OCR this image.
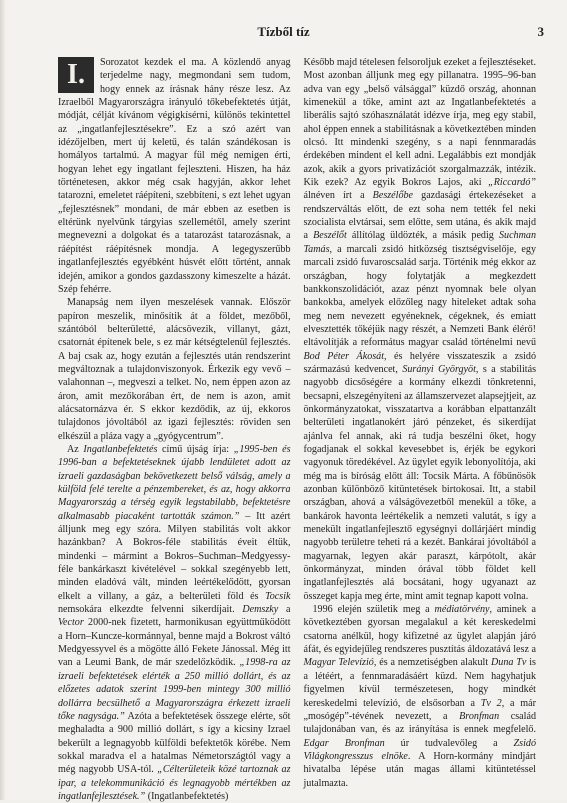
Tízből tíz	3

I.	Sorozatot kezdek el ma. A közlendő anyag terjedelme nagy, megmondani sem tudom, hogy ennek az írásnak hány része lesz. Az Izraelből Magyarországra irányuló tőkebefektetés útját, módját, célját kívánom végigkísérni, különös tekintettel az „ingatlanfejlesztésekre”. Ez a szó azért van idézőjelben, mert új keletű, és talán szándékosan is homályos tartalmú. A magyar fül még nemigen érti, hogyan lehet egy ingatlant fejleszteni. Hiszen, ha ház történetesen, akkor még csak hagyján, akkor lehet tatarozni, emeletet ráépíteni, szebbíteni, s ezt lehet ugyan „fejlesztésnek” mondani, de már ebben az esetben is eltérünk nyelvünk tárgyias szellemétől, amely szerint megnevezni a dolgokat és a tatarozást tatarozásnak, a ráépítést ráépítésnek mondja. A legegyszerűbb ingatlanfejlesztés egyébként húsvét előtt történt, annak idején, amikor a gondos gazdasszony kimeszelte a házát. Szép fehérre.

Manapság nem ilyen meszelések vannak. Először papíron meszelik, minősítik át a földet, mezőből, szántóból belterületté, alácsövezik, villanyt, gázt, csatornát építenek bele, s ez már kétségtelenül fejlesztés. A baj csak az, hogy ezután a fejlesztés után rendszerint megváltoznak a tulajdonviszonyok. Érkezik egy vevő – valahonnan –, megveszi a telket. No, nem éppen azon az áron, amit mezőkorában ért, de nem is azon, amit alácsatornázva ér. S ekkor kezdődik, az új, ekkoros tulajdonos jóvoltából az igazi fejlesztés: röviden sen elkészül a pláza vagy a „gyógycentrum”.

Az Ingatlanbefektetés című újság írja: „1995-ben és 1996-ban a befektetéseknek újabb lendületet adott az izraeli gazdaságban bekövetkezett belső válság, amely a külföld felé terelte a pénzembereket, és az, hogy akkorra Magyarország a térség egyik legstabilabb, befektetésre alkalmasabb piacaként tartották számon.” – Itt azért álljunk meg egy szóra. Milyen stabilitás volt akkor hazánkban? A Bokros-féle stabilitás éveit éltük, mindenki – mármint a Bokros–Suchman–Medgyessy-féle bankárkaszt kivételével – sokkal szegényebb lett, minden eladóvá vált, minden leértékelődött, gyorsan elkelt a villany, a gáz, a belterületi föld és Tocsik nemsokára elkezdte felvenni sikerdíjait. Demszky a Vector 2000-nek fizetett, harmonikusan együttműködött a Horn–Kuncze-kormánnyal, benne majd a Bokrost váltó Medgyessyvel és a mögötte álló Fekete Jánossal. Még itt van a Leumi Bank, de már szedelőzködik. „1998-ra az izraeli befektetések elérték a 250 millió dollárt, és az előzetes adatok szerint 1999-ben mintegy 300 millió dollárra becsülhető a Magyarországra érkezett izraeli tőke nagysága.” Azóta a befektetések összege elérte, sőt meghaladta a 900 millió dollárt, s így a kicsiny Izrael bekerült a legnagyobb külföldi befektetők körébe. Nem sokkal maradva el a hatalmas Németországtól vagy a még nagyobb USA-tól. „Célterületeik közé tartoznak az ipar, a telekommunikáció és legnagyobb mértékben az ingatlanfejlesztések.” (Ingatlanbefektetés)

Később majd tételesen felsoroljuk ezeket a fejlesztéseket. Most azonban álljunk meg egy pillanatra. 1995–96-ban adva van egy „belső válsággal” küzdő ország, ahonnan kimenekül a tőke, amint azt az Ingatlanbefektetés a liberális sajtó szóhasználatát idézve írja, meg egy stabil, ahol éppen ennek a stabilitásnak a következtében minden olcsó. Itt mindenki szegény, s a napi fennmaradás érdekében mindent el kell adni. Legalábbis ezt mondják azok, akik a gyors privatizációt szorgalmazzák, intézik. Kik ezek? Az egyik Bokros Lajos, aki „Riccardó” álnéven írt a Beszélőbe gazdasági értekezéseket a rendszerváltás előtt, de ezt soha nem tették fel neki szocialista elvtársai, sem előtte, sem utána, és akik majd a Beszélőt állítólag üldözték, a másik pedig Suchman Tamás, a marcali zsidó hitközség tisztségviselője, egy marcali zsidó fuvaroscsalád sarja. Történik még ekkor az országban, hogy folytatják a megkezdett bankkonszolidációt, azaz pénzt nyomnak bele olyan bankokba, amelyek előzőleg nagy hiteleket adtak soha meg nem nevezett egyéneknek, cégeknek, és emiatt elvesztették tőkéjük nagy részét, a Nemzeti Bank élérő! eltávolítják a református magyar család történelmi nevű Bod Péter Ákosát, és helyére visszateszik a zsidó származású kedvencet, Surányi Györgyöt, s a stabilitás nagyobb dicsőségére a kormány elkezdi tönkretenni, becsapni, elszegényíteni az államszervezet alapsejtjeit, az önkormányzatokat, visszatartva a korábban elpattanzált belterületi ingatlanokért járó pénzeket, és sikerdíjat ajánlva fel annak, aki rá tudja beszélni őket, hogy fogadjanak el sokkal kevesebbet is, érjék be egykori vagyonuk töredékével. Az ügylet egyik lebonyolítója, aki még ma is bíróság előtt áll: Tocsik Márta. A főbűnösök azonban különböző kitüntetések birtokosai. Itt, a stabil országban, ahová a válságövezetből menekül a tőke, a bankárok havonta leértékelik a nemzeti valutát, s így a menekült ingatlanfejlesztő egységnyi dollárjáért mindig nagyobb területre teheti rá a kezét. Bankárai jóvoltából a magyarnak, legyen akár paraszt, kárpótolt, akár önkormányzat, minden órával több földet kell ingatlanfejlesztés alá bocsátani, hogy ugyanazt az összeget kapja meg érte, mint amit tegnap kapott volna.

1996 elején születik meg a médiatörvény, aminek a következtében gyorsan megalakul a két kereskedelmi csatorna anélkül, hogy kifizetné az ügylet alapján járó áfát, és egyidejűleg rendszeres pusztítás áldozatává lesz a Magyar Televízió, és a nemzetiségben alakult Duna Tv is a létéért, a fennmaradásáért küzd. Nem hagyhatjuk figyelmen kívül természetesen, hogy mindkét kereskedelmi televízió, de elsősorban a Tv 2, a már „mosógép”-tévének nevezett, a Bronfman család tulajdonában van, és az irányítása is ennek megfelelő. Edgar Bronfman úr tudvalevőleg a Zsidó Világkongresszus elnöke. A Horn-kormány mindjárt hivatalba lépése után magas állami kitüntetéssel jutalmazta.
